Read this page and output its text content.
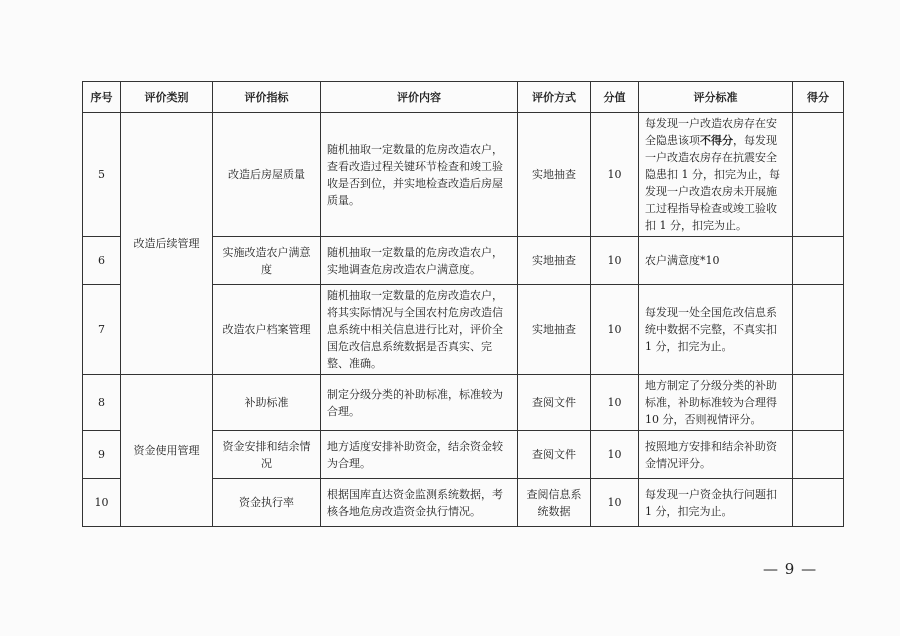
序号	评价类别	评价指标	评价内容	评价方式	分值	评分标准	得分
5	改造后续管理	改造后房屋质量	随机抽取一定数量的危房改造农户，查看改造过程关键环节检查和竣工验收是否到位，并实地检查改造后房屋质量。	实地抽查	10	每发现一户改造农房存在安全隐患该项不得分，每发现一户改造农房存在抗震安全隐患扣 1 分，扣完为止，每发现一户改造农房未开展施工过程指导检查或竣工验收扣 1 分，扣完为止。	
6		实施改造农户满意度	随机抽取一定数量的危房改造农户，实地调查危房改造农户满意度。	实地抽查	10	农户满意度*10	
7		改造农户档案管理	随机抽取一定数量的危房改造农户，将其实际情况与全国农村危房改造信息系统中相关信息进行比对，评价全国危改信息系统数据是否真实、完整、准确。	实地抽查	10	每发现一处全国危改信息系统中数据不完整，不真实扣 1 分，扣完为止。	
8	资金使用管理	补助标准	制定分级分类的补助标准，标准较为合理。	查阅文件	10	地方制定了分级分类的补助标准，补助标准较为合理得 10 分，否则视情评分。	
9		资金安排和结余情况	地方适度安排补助资金，结余资金较为合理。	查阅文件	10	按照地方安排和结余补助资金情况评分。	
10		资金执行率	根据国库直达资金监测系统数据，考核各地危房改造资金执行情况。	查阅信息系统数据	10	每发现一户资金执行问题扣 1 分，扣完为止。	
— 9 —
